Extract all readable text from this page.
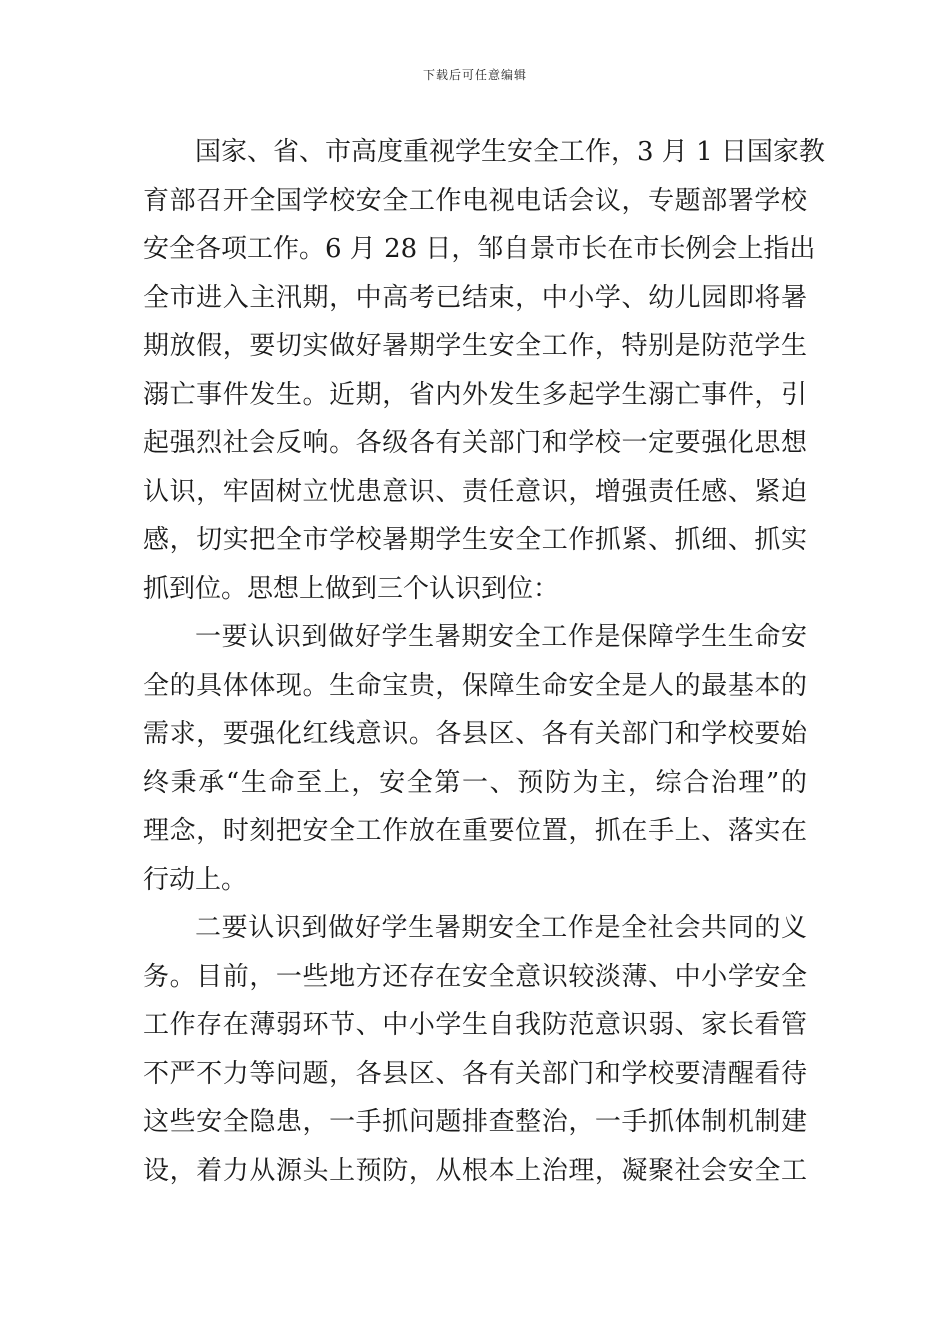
下载后可任意编辑
国家、省、市高度重视学生安全工作，3 月 1 日国家教
育部召开全国学校安全工作电视电话会议，专题部署学校
安全各项工作。6 月 28 日，邹自景市长在市长例会上指出
全市进入主汛期，中高考已结束，中小学、幼儿园即将暑
期放假，要切实做好暑期学生安全工作，特别是防范学生
溺亡事件发生。近期，省内外发生多起学生溺亡事件，引
起强烈社会反响。各级各有关部门和学校一定要强化思想
认识，牢固树立忧患意识、责任意识，增强责任感、紧迫
感，切实把全市学校暑期学生安全工作抓紧、抓细、抓实
抓到位。思想上做到三个认识到位：
一要认识到做好学生暑期安全工作是保障学生生命安
全的具体体现。生命宝贵，保障生命安全是人的最基本的
需求，要强化红线意识。各县区、各有关部门和学校要始
终秉承“生命至上，安全第一、预防为主，综合治理”的
理念，时刻把安全工作放在重要位置，抓在手上、落实在
行动上。
二要认识到做好学生暑期安全工作是全社会共同的义
务。目前，一些地方还存在安全意识较淡薄、中小学安全
工作存在薄弱环节、中小学生自我防范意识弱、家长看管
不严不力等问题，各县区、各有关部门和学校要清醒看待
这些安全隐患，一手抓问题排查整治，一手抓体制机制建
设，着力从源头上预防，从根本上治理，凝聚社会安全工
